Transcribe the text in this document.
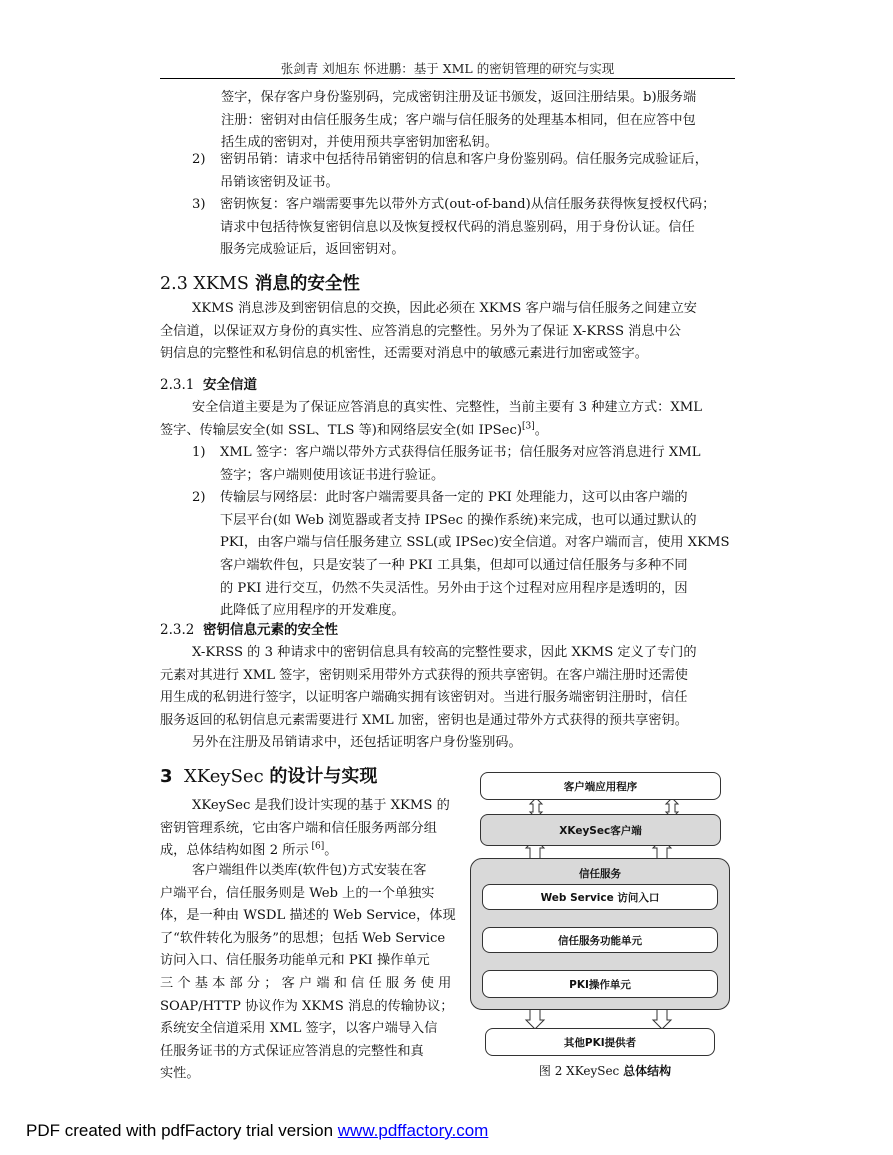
张剑青 刘旭东 怀进鹏：基于 XML 的密钥管理的研究与实现
签字，保存客户身份鉴别码，完成密钥注册及证书颁发，返回注册结果。b)服务端
注册：密钥对由信任服务生成；客户端与信任服务的处理基本相同，但在应答中包
括生成的密钥对，并使用预共享密钥加密私钥。
2) 密钥吊销：请求中包括待吊销密钥的信息和客户身份鉴别码。信任服务完成验证后，
吊销该密钥及证书。
3) 密钥恢复：客户端需要事先以带外方式(out-of-band)从信任服务获得恢复授权代码；
请求中包括待恢复密钥信息以及恢复授权代码的消息鉴别码，用于身份认证。信任
服务完成验证后，返回密钥对。
2.3 XKMS 消息的安全性
XKMS 消息涉及到密钥信息的交换，因此必须在 XKMS 客户端与信任服务之间建立安
全信道，以保证双方身份的真实性、应答消息的完整性。另外为了保证 X-KRSS 消息中公
钥信息的完整性和私钥信息的机密性，还需要对消息中的敏感元素进行加密或签字。
2.3.1 安全信道
安全信道主要是为了保证应答消息的真实性、完整性，当前主要有 3 种建立方式：XML
签字、传输层安全(如 SSL、TLS 等)和网络层安全(如 IPSec)[3]。
1) XML 签字：客户端以带外方式获得信任服务证书；信任服务对应答消息进行 XML
签字；客户端则使用该证书进行验证。
2) 传输层与网络层：此时客户端需要具备一定的 PKI 处理能力，这可以由客户端的
下层平台(如 Web 浏览器或者支持 IPSec 的操作系统)来完成，也可以通过默认的
PKI，由客户端与信任服务建立 SSL(或 IPSec)安全信道。对客户端而言，使用 XKMS
客户端软件包，只是安装了一种 PKI 工具集，但却可以通过信任服务与多种不同
的 PKI 进行交互，仍然不失灵活性。另外由于这个过程对应用程序是透明的，因
此降低了应用程序的开发难度。
2.3.2 密钥信息元素的安全性
X-KRSS 的 3 种请求中的密钥信息具有较高的完整性要求，因此 XKMS 定义了专门的
元素对其进行 XML 签字，密钥则采用带外方式获得的预共享密钥。在客户端注册时还需使
用生成的私钥进行签字，以证明客户端确实拥有该密钥对。当进行服务端密钥注册时，信任
服务返回的私钥信息元素需要进行 XML 加密，密钥也是通过带外方式获得的预共享密钥。
另外在注册及吊销请求中，还包括证明客户身份鉴别码。
3 XKeySec 的设计与实现
XKeySec 是我们设计实现的基于 XKMS 的
密钥管理系统，它由客户端和信任服务两部分组
成，总体结构如图 2 所示 [6]。
客户端组件以类库(软件包)方式安装在客
户端平台，信任服务则是 Web 上的一个单独实
体，是一种由 WSDL 描述的 Web Service，体现
了“软件转化为服务”的思想；包括 Web Service
访问入口、信任服务功能单元和 PKI 操作单元
三 个 基 本 部 分 ； 客 户 端 和 信 任 服 务 使 用
SOAP/HTTP 协议作为 XKMS 消息的传输协议；
系统安全信道采用 XML 签字，以客户端导入信
任服务证书的方式保证应答消息的完整性和真
实性。
客户端应用程序
XKeySec客户端
信任服务
Web Service 访问入口
信任服务功能单元
PKI操作单元
其他PKI提供者
图 2 XKeySec 总体结构
PDF created with pdfFactory trial version www.pdffactory.com
